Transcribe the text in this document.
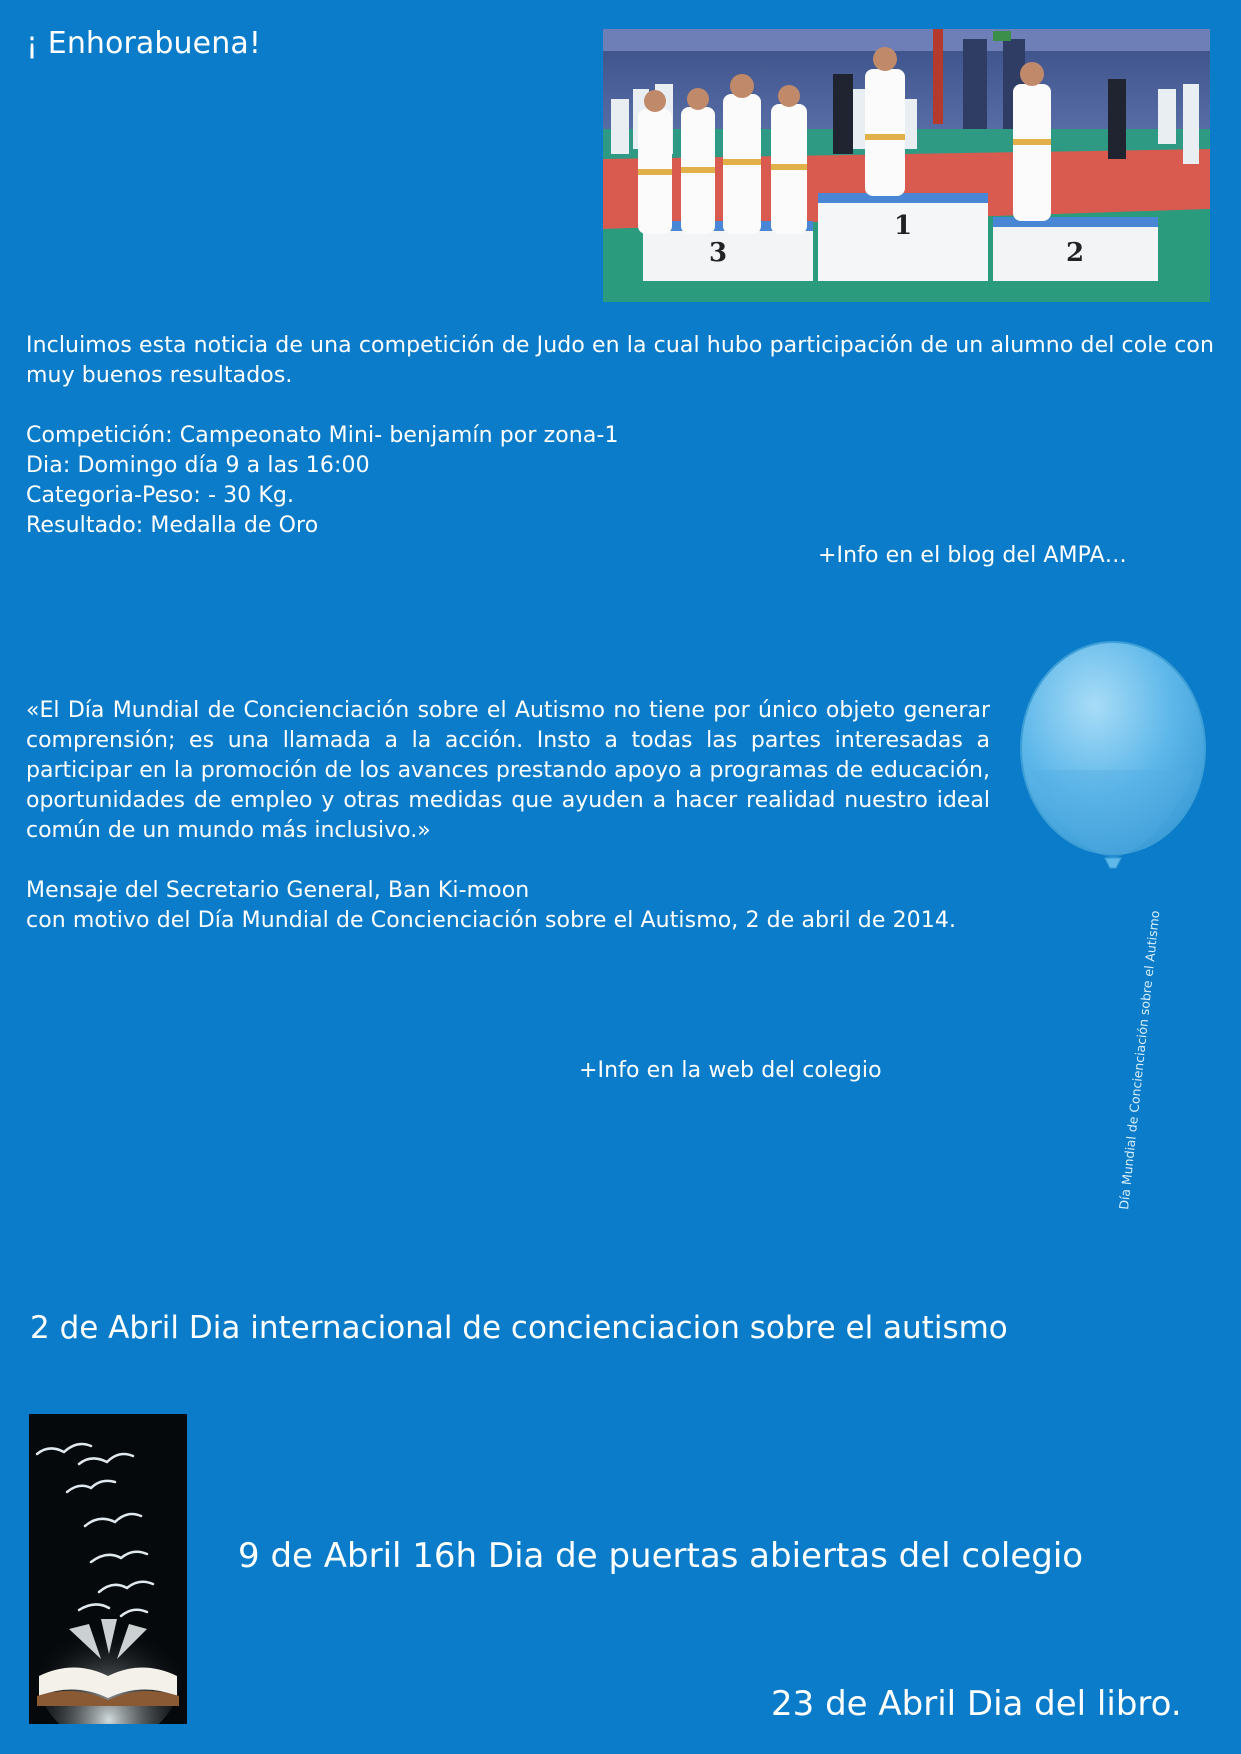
¡ Enhorabuena!
3
1
2
Incluimos esta noticia de una competición de Judo en la cual hubo participación de un alumno del cole con muy buenos resultados.
Competición: Campeonato Mini- benjamín por zona-1
Dia: Domingo día 9 a las 16:00
Categoria-Peso: - 30 Kg.
Resultado: Medalla de Oro
+Info en el blog del AMPA…
«El Día Mundial de Concienciación sobre el Autismo no tiene por único objeto generar comprensión; es una llamada a la acción. Insto a todas las partes interesadas a participar en la promoción de los avances prestando apoyo a programas de educación, oportunidades de empleo y otras medidas que ayuden a hacer realidad nuestro ideal común de un mundo más inclusivo.»
Mensaje del Secretario General, Ban Ki-moon
con motivo del Día Mundial de Concienciación sobre el Autismo, 2 de abril de 2014.
+Info en la web del colegio	Día Mundial de Concienciación sobre el Autismo
2 de Abril Dia internacional de concienciacion sobre el autismo
9 de Abril 16h Dia de puertas abiertas del colegio
23 de Abril Dia del libro.
